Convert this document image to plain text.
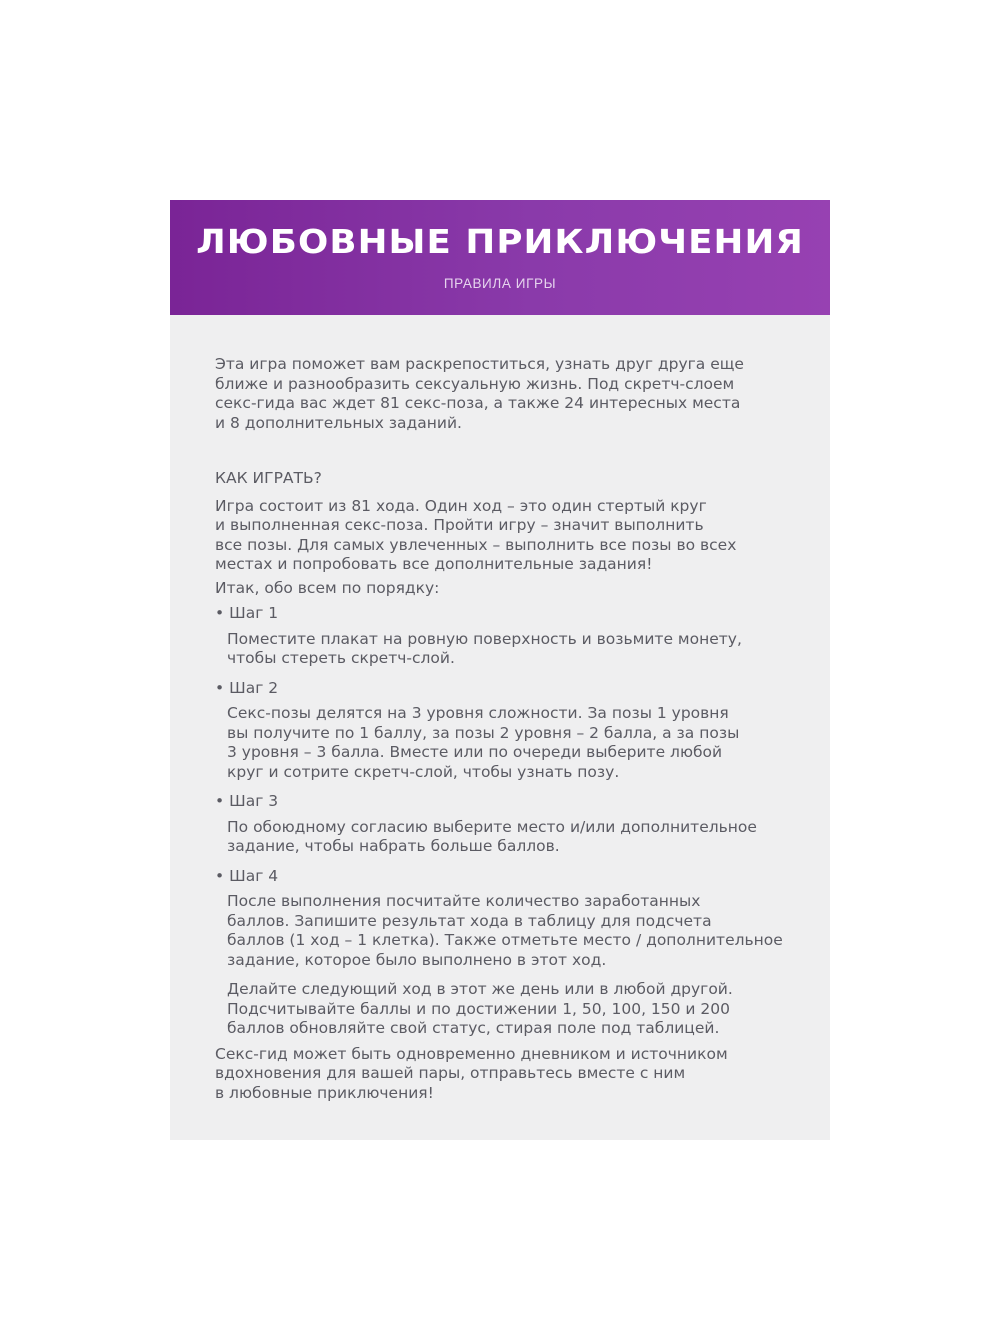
ЛЮБОВНЫЕ ПРИКЛЮЧЕНИЯ
ПРАВИЛА ИГРЫ

Эта игра поможет вам раскрепоститься, узнать друг друга еще
ближе и разнообразить сексуальную жизнь. Под скретч-слоем
секс-гида вас ждет 81 секс-поза, а также 24 интересных места
и 8 дополнительных заданий.

КАК ИГРАТЬ?

Игра состоит из 81 хода. Один ход – это один стертый круг
и выполненная секс-поза. Пройти игру – значит выполнить
все позы. Для самых увлеченных – выполнить все позы во всех
местах и попробовать все дополнительные задания!

Итак, обо всем по порядку:

• Шаг 1

Поместите плакат на ровную поверхность и возьмите монету,
чтобы стереть скретч-слой.

• Шаг 2

Секс-позы делятся на 3 уровня сложности. За позы 1 уровня
вы получите по 1 баллу, за позы 2 уровня – 2 балла, а за позы
3 уровня – 3 балла. Вместе или по очереди выберите любой
круг и сотрите скретч-слой, чтобы узнать позу.

• Шаг 3

По обоюдному согласию выберите место и/или дополнительное
задание, чтобы набрать больше баллов.

• Шаг 4

После выполнения посчитайте количество заработанных
баллов. Запишите результат хода в таблицу для подсчета
баллов (1 ход – 1 клетка). Также отметьте место / дополнительное
задание, которое было выполнено в этот ход.

Делайте следующий ход в этот же день или в любой другой.
Подсчитывайте баллы и по достижении 1, 50, 100, 150 и 200
баллов обновляйте свой статус, стирая поле под таблицей.

Секс-гид может быть одновременно дневником и источником
вдохновения для вашей пары, отправьтесь вместе с ним
в любовные приключения!
